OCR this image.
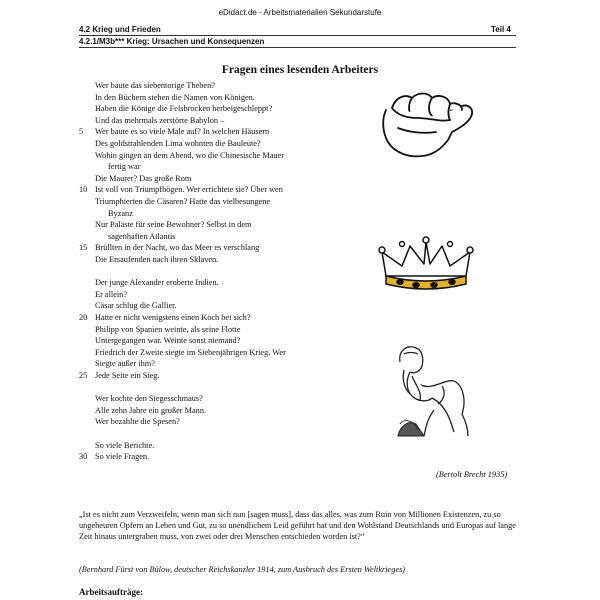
eDidact.de - Arbeitsmaterialien Sekundarstufe
4.2 Krieg und Frieden	Teil 4
4.2.1/M3b*** Krieg: Ursachen und Konsequenzen
Fragen eines lesenden Arbeiters
Wer baute das siebentorige Theben?
In den Büchern stehen die Namen von Königen.
Haben die Könige die Felsbrocken herbeigeschleppt?
Und das mehrmals zerstörte Babylon –
5	Wer baute es so viele Male auf? In welchen Häusern
Des goldstrahlenden Lima wohnten die Bauleute?
Wohin gingen an dem Abend, wo die Chinesische Mauer
fertig war
Die Maurer? Das große Rom
10 Ist voll von Triumpfbögen. Wer errichtete sie? Über wen
Triumphierten die Cäsaren? Hatte das vielbesungene
Byzanz
Nur Paläste für seine Bewohner? Selbst in dem
sagenhaften Atlantis
15 Brüllten in der Nacht, wo das Meer es verschlang
Die Ersaufenden nach ihren Sklaven.
Der junge Alexander eroberte Indien.
Er allein?
Cäsar schlug die Gallier.
20 Hatte er nicht wenigstens einen Koch bei sich?
Philipp von Spanien weinte, als seine Flotte
Untergegangen war. Weinte sonst niemand?
Friedrich der Zweite siegte im Siebenjährigen Krieg. Wer
Siegte außer ihm?
25 Jede Seite ein Sieg.
Wer kochte den Siegesschmaus?
Alle zehn Jahre ein großer Mann.
Wer bezahlte die Spesen?
So viele Berichte.
30 So viele Fragen.
(Bertolt Brecht 1935)
„Ist es nicht zum Verzweifeln, wenn man sich nun [sagen muss], dass das alles, was zum Ruin von Millionen Existenzen, zu so ungeheuren Opfern an Leben und Gut, zu so unendlichem Leid geführt hat und den Wohlstand Deutschlands und Europas auf lange Zeit hinaus untergraben muss, von zwei oder drei Menschen entschieden worden ist?“
(Bernhard Fürst von Bülow, deutscher Reichskanzler 1914, zum Ausbruch des Ersten Weltkrieges)
Arbeitsaufträge:
